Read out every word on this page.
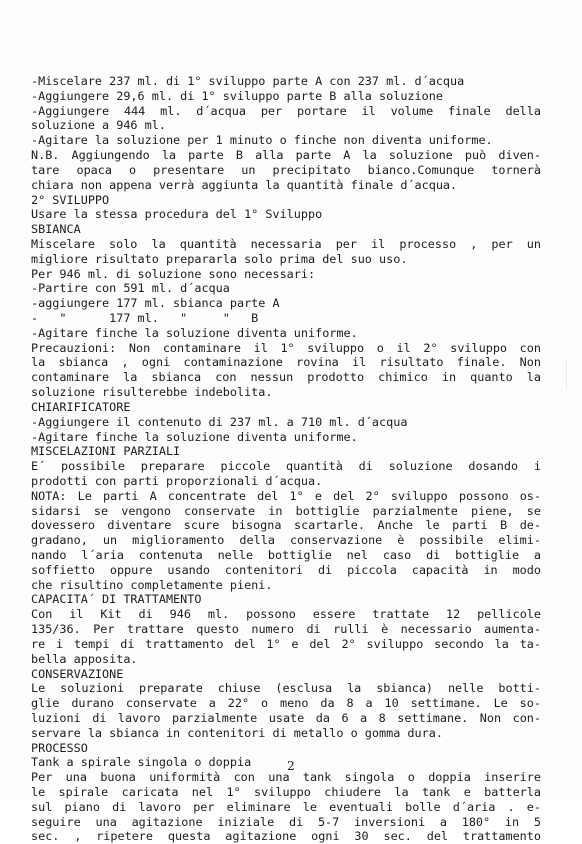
-Miscelare 237 ml. di 1° sviluppo parte A con 237 ml. d´acqua
-Aggiungere 29,6 ml. di 1° sviluppo parte B alla soluzione
-Aggiungere 444 ml. d´acqua per portare il volume finale della
soluzione a 946 ml.
-Agitare la soluzione per 1 minuto o finche non diventa uniforme.
N.B. Aggiungendo la parte B alla parte A la soluzione può diven-
tare opaca o presentare un precipitato bianco.Comunque tornerà
chiara non appena verrà aggiunta la quantità finale d´acqua.
2° SVILUPPO
Usare la stessa procedura del 1° Sviluppo
SBIANCA
Miscelare solo la quantità necessaria per il processo , per un
migliore risultato prepararla solo prima del suo uso.
Per 946 ml. di soluzione sono necessari:
-Partire con 591 ml. d´acqua
-aggiungere 177 ml. sbianca parte A
-   "      177 ml.   "     "   B
-Agitare finche la soluzione diventa uniforme.
Precauzioni: Non contaminare il 1° sviluppo o il 2° sviluppo con
la sbianca , ogni contaminazione rovina il risultato finale. Non
contaminare la sbianca con nessun prodotto chimico in quanto la
soluzione risulterebbe indebolita.
CHIARIFICATORE
-Aggiungere il contenuto di 237 ml. a 710 ml. d´acqua
-Agitare finche la soluzione diventa uniforme.
MISCELAZIONI PARZIALI
E´ possibile preparare piccole quantità di soluzione dosando i
prodotti con parti proporzionali d´acqua.
NOTA: Le parti A concentrate del 1° e del 2° sviluppo possono os-
sidarsi se vengono conservate in bottiglie parzialmente piene, se
dovessero diventare scure bisogna scartarle. Anche le parti B de-
gradano, un miglioramento della conservazione è possibile elimi-
nando l´aria contenuta nelle bottiglie nel caso di bottiglie a
soffietto oppure usando contenitori di piccola capacità in modo
che risultino completamente pieni.
CAPACITA´ DI TRATTAMENTO
Con il Kit di 946 ml. possono essere trattate 12 pellicole
135/36. Per trattare questo numero di rulli è necessario aumenta-
re i tempi di trattamento del 1° e del 2° sviluppo secondo la ta-
bella apposita.
CONSERVAZIONE
Le soluzioni preparate chiuse (esclusa la sbianca) nelle botti-
glie durano conservate a 22° o meno da 8 a 10 settimane. Le so-
luzioni di lavoro parzialmente usate da 6 a 8 settimane. Non con-
servare la sbianca in contenitori di metallo o gomma dura.
PROCESSO
Tank a spirale singola o doppia
Per una buona uniformità con una tank singola o doppia inserire
le spirale caricata nel 1° sviluppo chiudere la tank e batterla
sul piano di lavoro per eliminare le eventuali bolle d´aria . e-
seguire una agitazione iniziale di 5-7 inversioni a 180° in 5
sec. , ripetere questa agitazione ogni 30 sec. del trattamento
2
